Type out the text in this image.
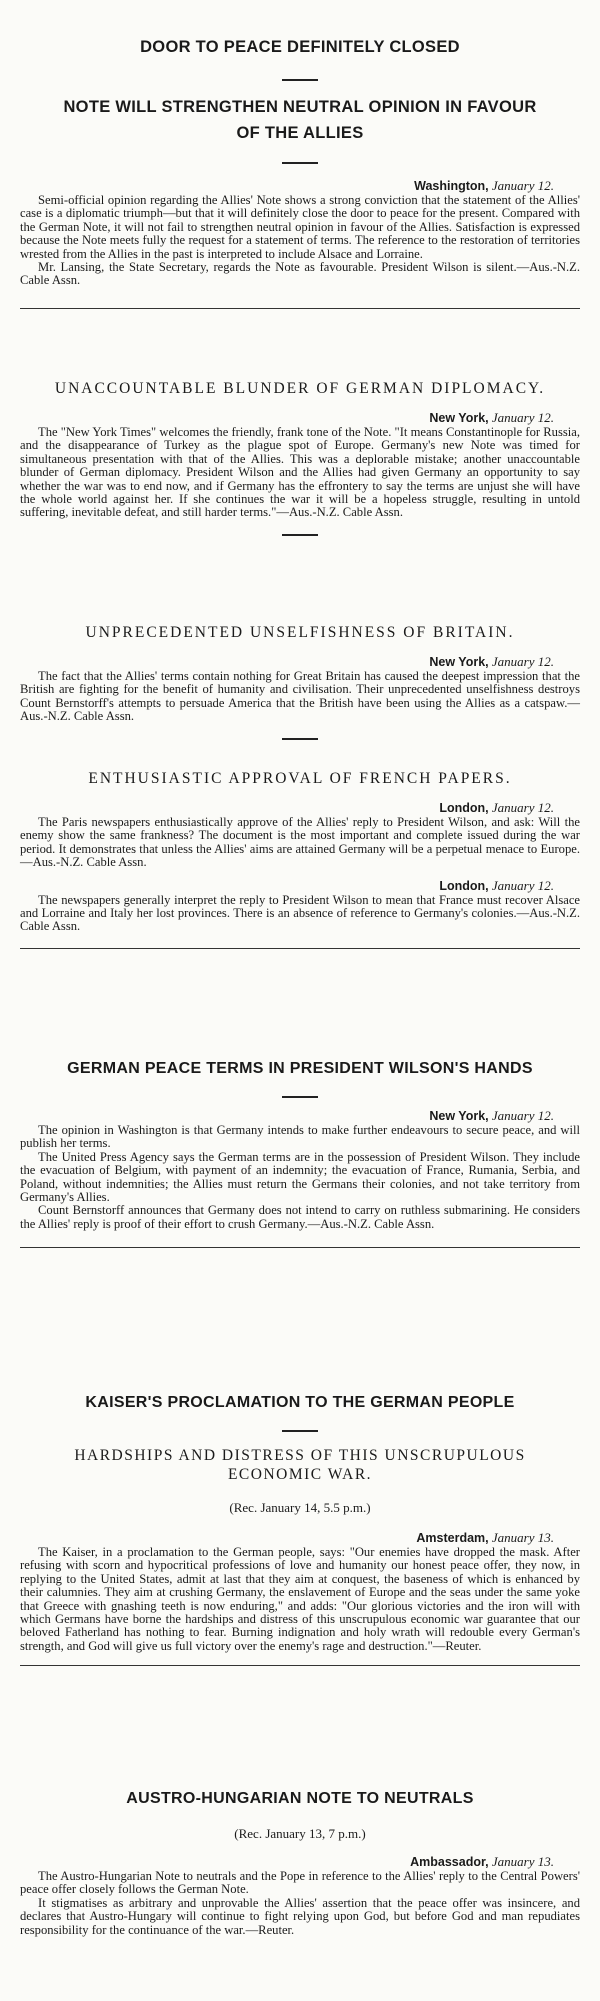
DOOR TO PEACE DEFINITELY CLOSED
NOTE WILL STRENGTHEN NEUTRAL OPINION IN FAVOUR OF THE ALLIES

Washington, January 12.

Semi-official opinion regarding the Allies' Note shows a strong conviction that the statement of the Allies' case is a diplomatic triumph—but that it will definitely close the door to peace for the present. Compared with the German Note, it will not fail to strengthen neutral opinion in favour of the Allies. Satisfaction is expressed because the Note meets fully the request for a statement of terms. The reference to the restoration of territories wrested from the Allies in the past is interpreted to include Alsace and Lorraine.

Mr. Lansing, the State Secretary, regards the Note as favourable. President Wilson is silent.—Aus.-N.Z. Cable Assn.

UNACCOUNTABLE BLUNDER OF GERMAN DIPLOMACY.

New York, January 12.

The "New York Times" welcomes the friendly, frank tone of the Note. "It means Constantinople for Russia, and the disappearance of Turkey as the plague spot of Europe. Germany's new Note was timed for simultaneous presentation with that of the Allies. This was a deplorable mistake; another unaccountable blunder of German diplomacy. President Wilson and the Allies had given Germany an opportunity to say whether the war was to end now, and if Germany has the effrontery to say the terms are unjust she will have the whole world against her. If she continues the war it will be a hopeless struggle, resulting in untold suffering, inevitable defeat, and still harder terms."—Aus.-N.Z. Cable Assn.

UNPRECEDENTED UNSELFISHNESS OF BRITAIN.

New York, January 12.

The fact that the Allies' terms contain nothing for Great Britain has caused the deepest impression that the British are fighting for the benefit of humanity and civilisation. Their unprecedented unselfishness destroys Count Bernstorff's attempts to persuade America that the British have been using the Allies as a catspaw.—Aus.-N.Z. Cable Assn.

ENTHUSIASTIC APPROVAL OF FRENCH PAPERS.

London, January 12.

The Paris newspapers enthusiastically approve of the Allies' reply to President Wilson, and ask: Will the enemy show the same frankness? The document is the most important and complete issued during the war period. It demonstrates that unless the Allies' aims are attained Germany will be a perpetual menace to Europe.—Aus.-N.Z. Cable Assn.

London, January 12.

The newspapers generally interpret the reply to President Wilson to mean that France must recover Alsace and Lorraine and Italy her lost provinces. There is an absence of reference to Germany's colonies.—Aus.-N.Z. Cable Assn.

GERMAN PEACE TERMS IN PRESIDENT WILSON'S HANDS

New York, January 12.

The opinion in Washington is that Germany intends to make further endeavours to secure peace, and will publish her terms.

The United Press Agency says the German terms are in the possession of President Wilson. They include the evacuation of Belgium, with payment of an indemnity; the evacuation of France, Rumania, Serbia, and Poland, without indemnities; the Allies must return the Germans their colonies, and not take territory from Germany's Allies.

Count Bernstorff announces that Germany does not intend to carry on ruthless submarining. He considers the Allies' reply is proof of their effort to crush Germany.—Aus.-N.Z. Cable Assn.

KAISER'S PROCLAMATION TO THE GERMAN PEOPLE
HARDSHIPS AND DISTRESS OF THIS UNSCRUPULOUS ECONOMIC WAR.

(Rec. January 14, 5.5 p.m.)

Amsterdam, January 13.

The Kaiser, in a proclamation to the German people, says: "Our enemies have dropped the mask. After refusing with scorn and hypocritical professions of love and humanity our honest peace offer, they now, in replying to the United States, admit at last that they aim at conquest, the baseness of which is enhanced by their calumnies. They aim at crushing Germany, the enslavement of Europe and the seas under the same yoke that Greece with gnashing teeth is now enduring," and adds: "Our glorious victories and the iron will with which Germans have borne the hardships and distress of this unscrupulous economic war guarantee that our beloved Fatherland has nothing to fear. Burning indignation and holy wrath will redouble every German's strength, and God will give us full victory over the enemy's rage and destruction."—Reuter.

AUSTRO-HUNGARIAN NOTE TO NEUTRALS

(Rec. January 13, 7 p.m.)

Ambassador, January 13.

The Austro-Hungarian Note to neutrals and the Pope in reference to the Allies' reply to the Central Powers' peace offer closely follows the German Note.

It stigmatises as arbitrary and unprovable the Allies' assertion that the peace offer was insincere, and declares that Austro-Hungary will continue to fight relying upon God, but before God and man repudiates responsibility for the continuance of the war.—Reuter.
